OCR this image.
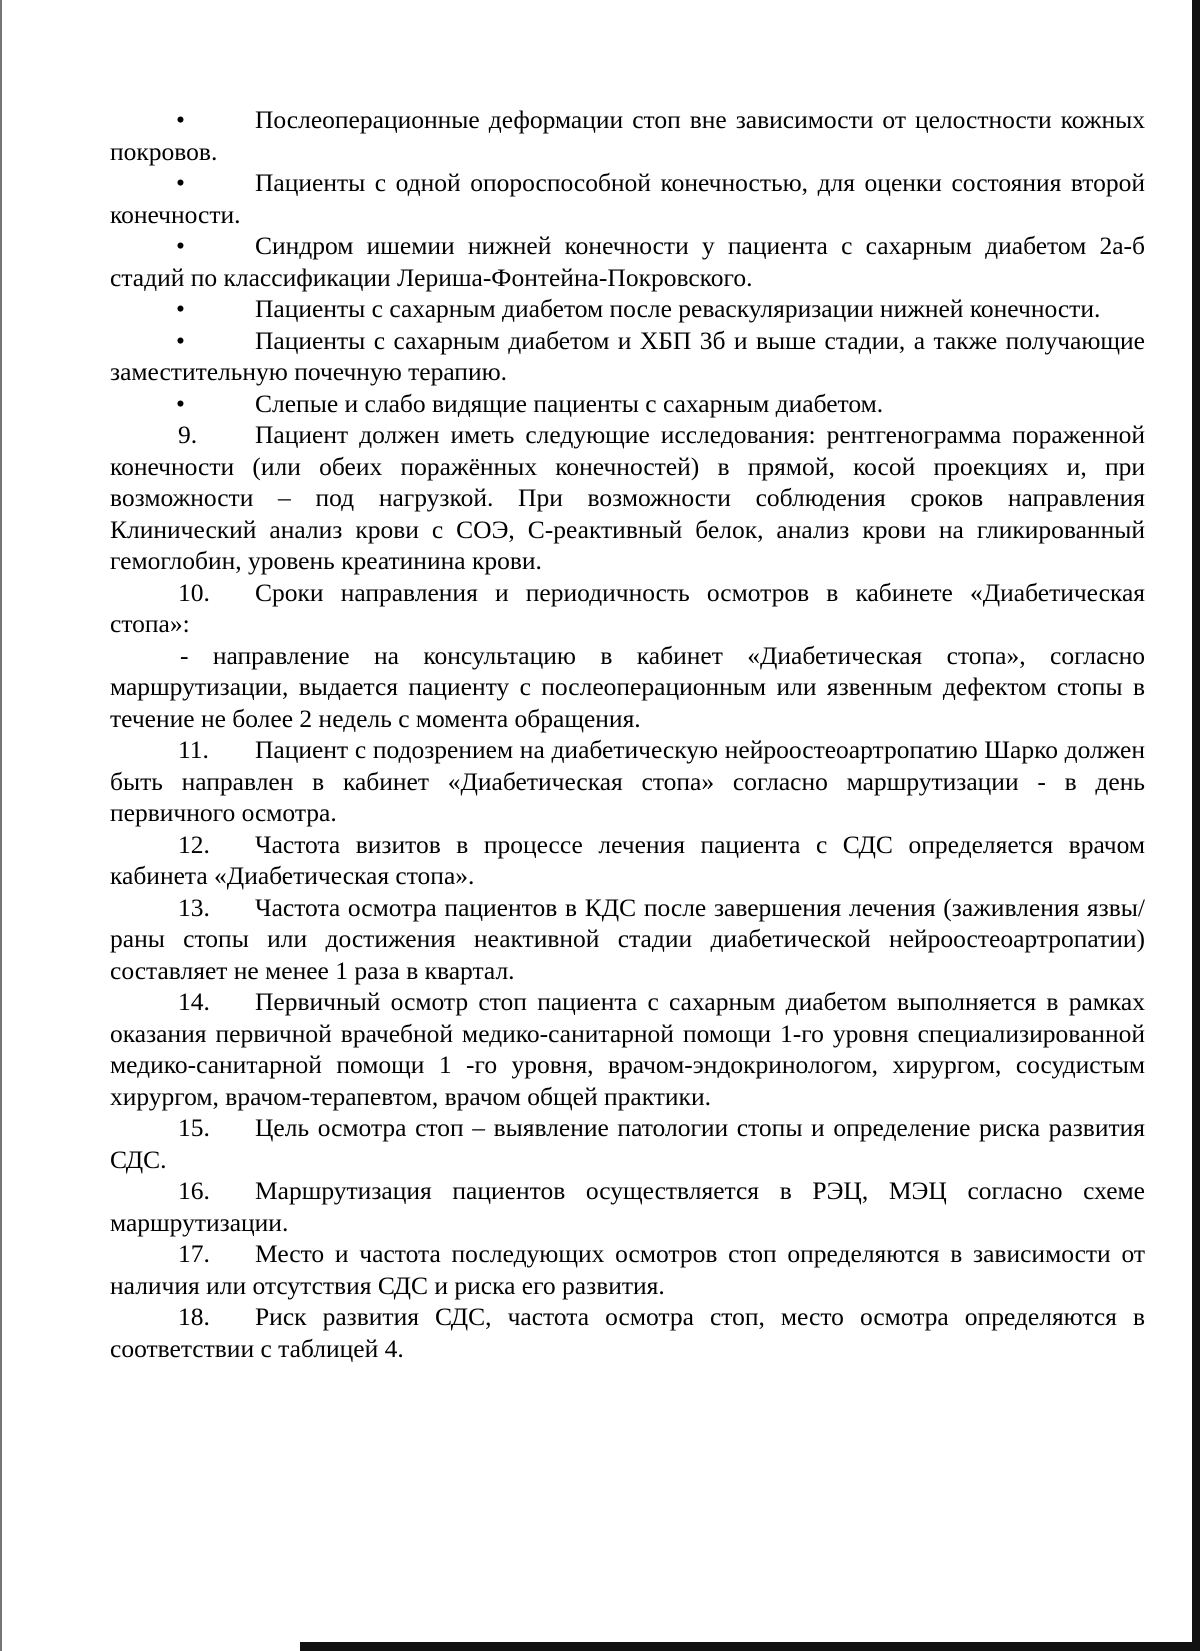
•	Послеоперационные деформации стоп вне зависимости от целостности кожных покровов.

•	Пациенты с одной опороспособной конечностью, для оценки состояния второй конечности.

•	Синдром ишемии нижней конечности у пациента с сахарным диабетом 2а-б стадий по классификации Лериша-Фонтейна-Покровского.

•	Пациенты с сахарным диабетом после реваскуляризации нижней конечности.

•	Пациенты с сахарным диабетом и ХБП 3б и выше стадии, а также получающие заместительную почечную терапию.

•	Слепые и слабо видящие пациенты с сахарным диабетом.

9. Пациент должен иметь следующие исследования: рентгенограмма пораженной конечности (или обеих поражённых конечностей) в прямой, косой проекциях и, при возможности – под нагрузкой. При возможности соблюдения сроков направления Клинический анализ крови с СОЭ, С-реактивный белок, анализ крови на гликированный гемоглобин, уровень креатинина крови.

10. Сроки направления и периодичность осмотров в кабинете «Диабетическая стопа»:

- направление на консультацию в кабинет «Диабетическая стопа», согласно маршрутизации, выдается пациенту с послеоперационным или язвенным дефектом стопы в течение не более 2 недель с момента обращения.

11. Пациент с подозрением на диабетическую нейроостеоартропатию Шарко должен быть направлен в кабинет «Диабетическая стопа» согласно маршрутизации - в день первичного осмотра.

12. Частота визитов в процессе лечения пациента с СДС определяется врачом кабинета «Диабетическая стопа».

13. Частота осмотра пациентов в КДС после завершения лечения (заживления язвы/раны стопы или достижения неактивной стадии диабетической нейроостеоартропатии) составляет не менее 1 раза в квартал.

14. Первичный осмотр стоп пациента с сахарным диабетом выполняется в рамках оказания первичной врачебной медико-санитарной помощи 1-го уровня специализированной медико-санитарной помощи 1 -го уровня, врачом-эндокринологом, хирургом, сосудистым хирургом, врачом-терапевтом, врачом общей практики.

15. Цель осмотра стоп – выявление патологии стопы и определение риска развития СДС.

16. Маршрутизация пациентов осуществляется в РЭЦ, МЭЦ согласно схеме маршрутизации.

17. Место и частота последующих осмотров стоп определяются в зависимости от наличия или отсутствия СДС и риска его развития.

18. Риск развития СДС, частота осмотра стоп, место осмотра определяются в соответствии с таблицей 4.
